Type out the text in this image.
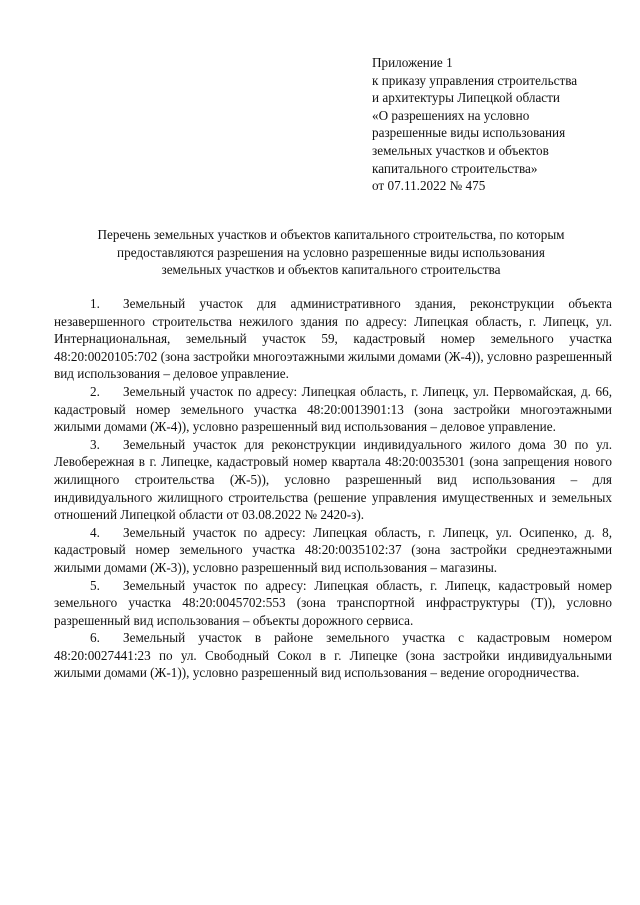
Приложение 1
к приказу управления строительства
и архитектуры Липецкой области
«О разрешениях на условно
разрешенные виды использования
земельных участков и объектов
капитального строительства»
от 07.11.2022 № 475
Перечень земельных участков и объектов капитального строительства, по которым
предоставляются разрешения на условно разрешенные виды использования
земельных участков и объектов капитального строительства

1. Земельный участок для административного здания, реконструкции объекта незавершенного строительства нежилого здания по адресу: Липецкая область, г. Липецк, ул. Интернациональная, земельный участок 59, кадастровый номер земельного участка 48:20:0020105:702 (зона застройки многоэтажными жилыми домами (Ж-4)), условно разрешенный вид использования – деловое управление.

2. Земельный участок по адресу: Липецкая область, г. Липецк, ул. Первомайская, д. 66, кадастровый номер земельного участка 48:20:0013901:13 (зона застройки многоэтажными жилыми домами (Ж-4)), условно разрешенный вид использования – деловое управление.

3. Земельный участок для реконструкции индивидуального жилого дома 30 по ул. Левобережная в г. Липецке, кадастровый номер квартала 48:20:0035301 (зона запрещения нового жилищного строительства (Ж-5)), условно разрешенный вид использования – для индивидуального жилищного строительства (решение управления имущественных и земельных отношений Липецкой области от 03.08.2022 № 2420-з).

4. Земельный участок по адресу: Липецкая область, г. Липецк, ул. Осипенко, д. 8, кадастровый номер земельного участка 48:20:0035102:37 (зона застройки среднеэтажными жилыми домами (Ж-3)), условно разрешенный вид использования – магазины.

5. Земельный участок по адресу: Липецкая область, г. Липецк, кадастровый номер земельного участка 48:20:0045702:553 (зона транспортной инфраструктуры (Т)), условно разрешенный вид использования – объекты дорожного сервиса.

6. Земельный участок в районе земельного участка с кадастровым номером 48:20:0027441:23 по ул. Свободный Сокол в г. Липецке (зона застройки индивидуальными жилыми домами (Ж-1)), условно разрешенный вид использования – ведение огородничества.
